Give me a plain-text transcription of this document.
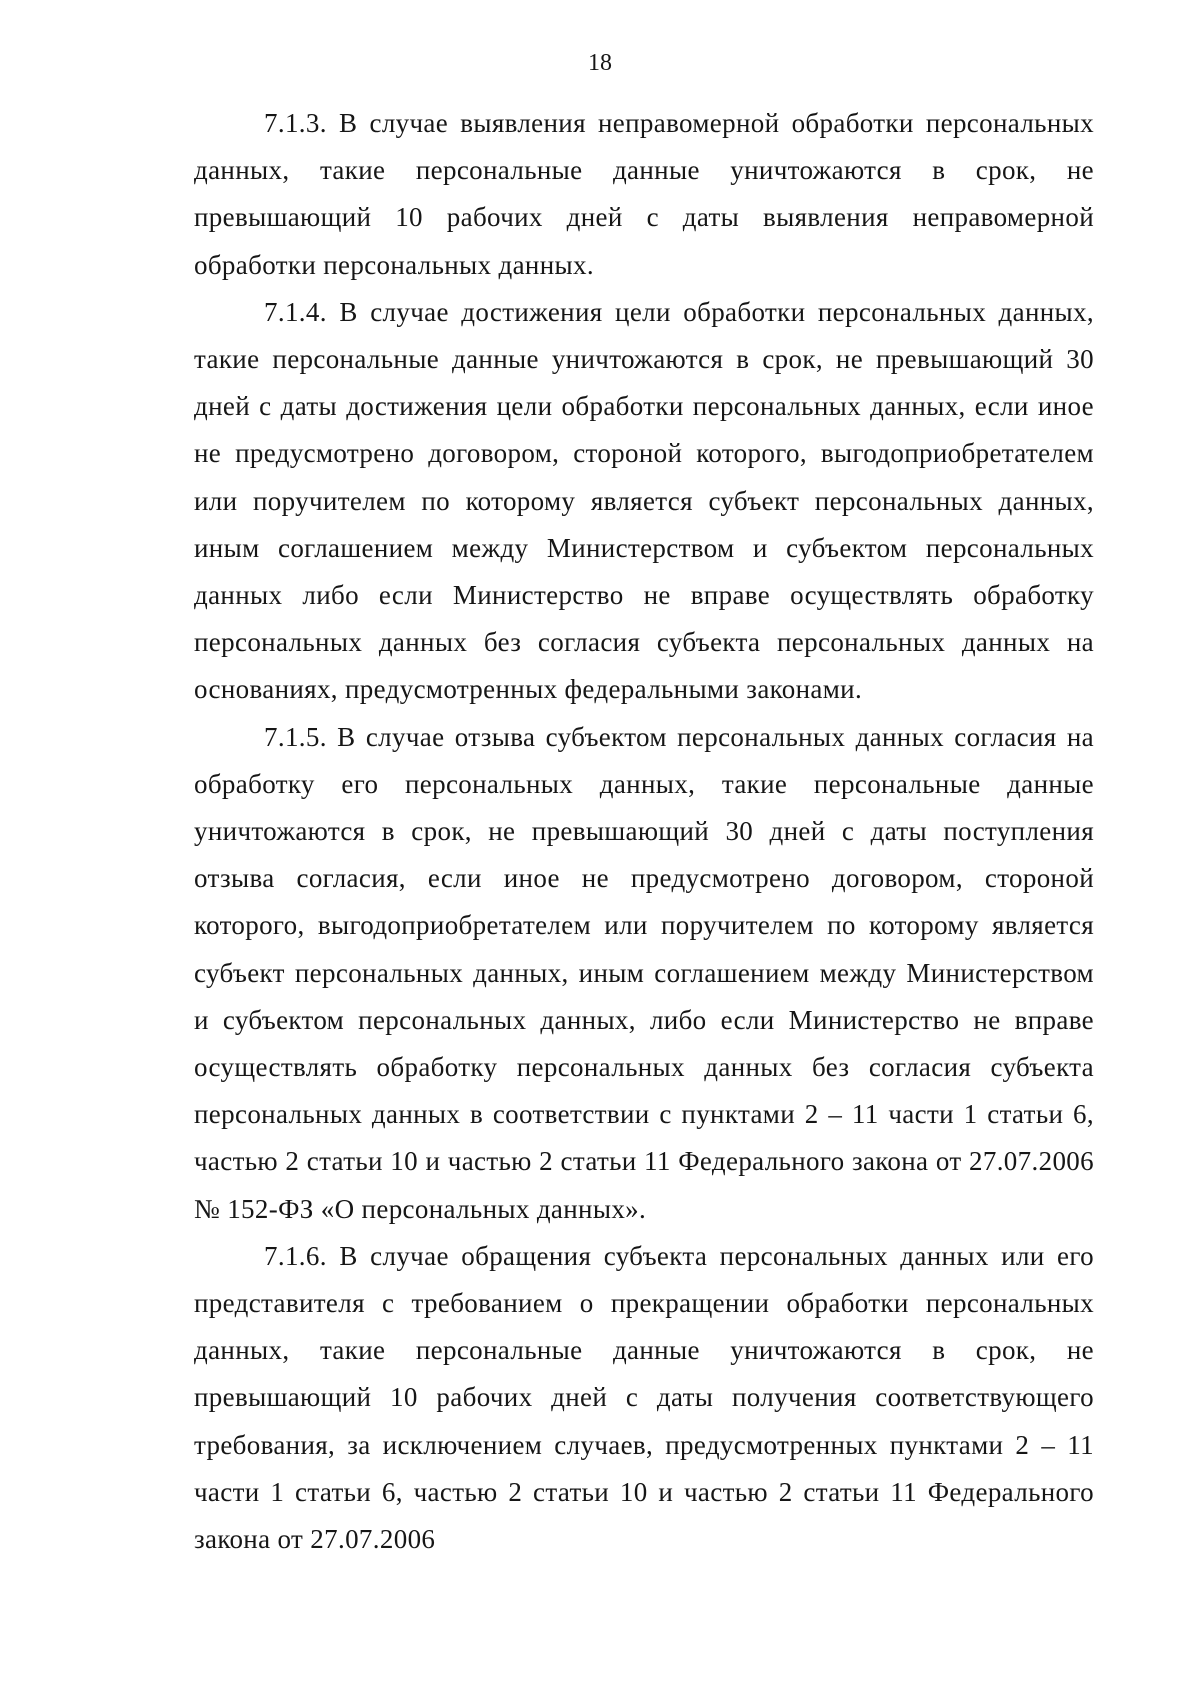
18

7.1.3. В случае выявления неправомерной обработки персональных данных, такие персональные данные уничтожаются в срок, не превышающий 10 рабочих дней с даты выявления неправомерной обработки персональных данных.

7.1.4. В случае достижения цели обработки персональных данных, такие персональные данные уничтожаются в срок, не превышающий 30 дней с даты достижения цели обработки персональных данных, если иное не предусмотрено договором, стороной которого, выгодоприобретателем или поручителем по которому является субъект персональных данных, иным соглашением между Министерством и субъектом персональных данных либо если Министерство не вправе осуществлять обработку персональных данных без согласия субъекта персональных данных на основаниях, предусмотренных федеральными законами.

7.1.5. В случае отзыва субъектом персональных данных согласия на обработку его персональных данных, такие персональные данные уничтожаются в срок, не превышающий 30 дней с даты поступления отзыва согласия, если иное не предусмотрено договором, стороной которого, выгодоприобретателем или поручителем по которому является субъект персональных данных, иным соглашением между Министерством и субъектом персональных данных, либо если Министерство не вправе осуществлять обработку персональных данных без согласия субъекта персональных данных в соответствии с пунктами 2 – 11 части 1 статьи 6, частью 2 статьи 10 и частью 2 статьи 11 Федерального закона от 27.07.2006 № 152-ФЗ «О персональных данных».

7.1.6. В случае обращения субъекта персональных данных или его представителя с требованием о прекращении обработки персональных данных, такие персональные данные уничтожаются в срок, не превышающий 10 рабочих дней с даты получения соответствующего требования, за исключением случаев, предусмотренных пунктами 2 – 11 части 1 статьи 6, частью 2 статьи 10 и частью 2 статьи 11 Федерального закона от 27.07.2006
